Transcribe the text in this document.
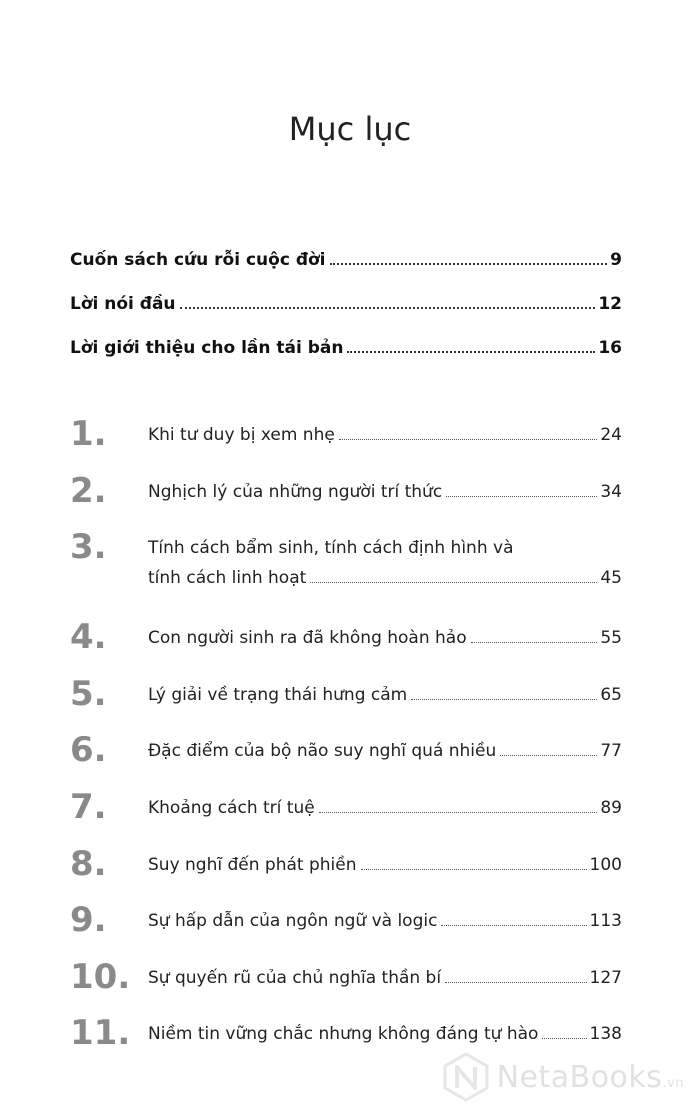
Mục lục
Cuốn sách cứu rỗi cuộc đời	9
Lời nói đầu	12
Lời giới thiệu cho lần tái bản	16
1.	Khi tư duy bị xem nhẹ	24
2.	Nghịch lý của những người trí thức	34
3.	Tính cách bẩm sinh, tính cách định hình và
tính cách linh hoạt	45
4.	Con người sinh ra đã không hoàn hảo	55
5.	Lý giải về trạng thái hưng cảm	65
6.	Đặc điểm của bộ não suy nghĩ quá nhiều	77
7.	Khoảng cách trí tuệ	89
8.	Suy nghĩ đến phát phiền	100
9.	Sự hấp dẫn của ngôn ngữ và logic	113
10.	Sự quyến rũ của chủ nghĩa thần bí	127
11.	Niềm tin vững chắc nhưng không đáng tự hào	138
NetaBooks.vn
